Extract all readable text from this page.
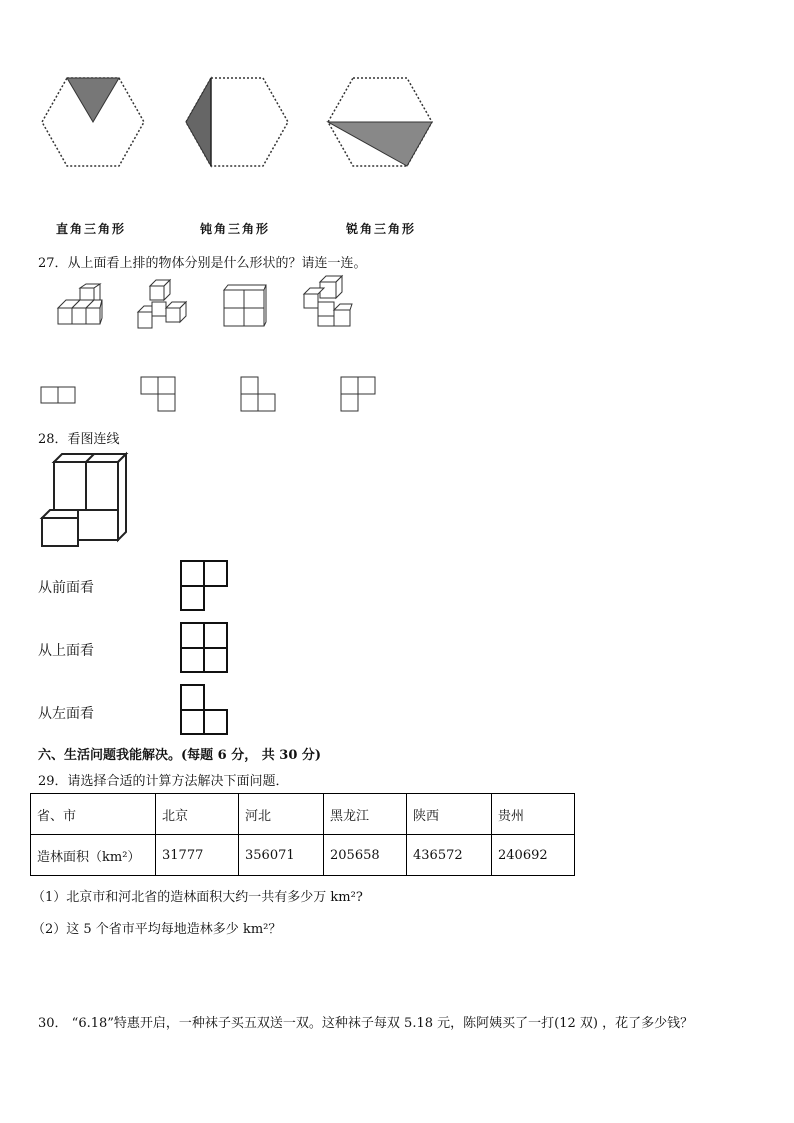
直角三角形	钝角三角形	锐角三角形
27．从上面看上排的物体分别是什么形状的？请连一连。
28．看图连线
从前面看
从上面看
从左面看
六、生活问题我能解决。(每题 6 分， 共 30 分)
29．请选择合适的计算方法解决下面问题．
省、市	北京	河北	黑龙江	陕西	贵州
造林面积（km²）	31777	356071	205658	436572	240692
（1）北京市和河北省的造林面积大约一共有多少万 km²?
（2）这 5 个省市平均每地造林多少 km²？
30． “6.18”特惠开启，一种袜子买五双送一双。这种袜子每双 5.18 元，陈阿姨买了一打(12 双) ，花了多少钱？
